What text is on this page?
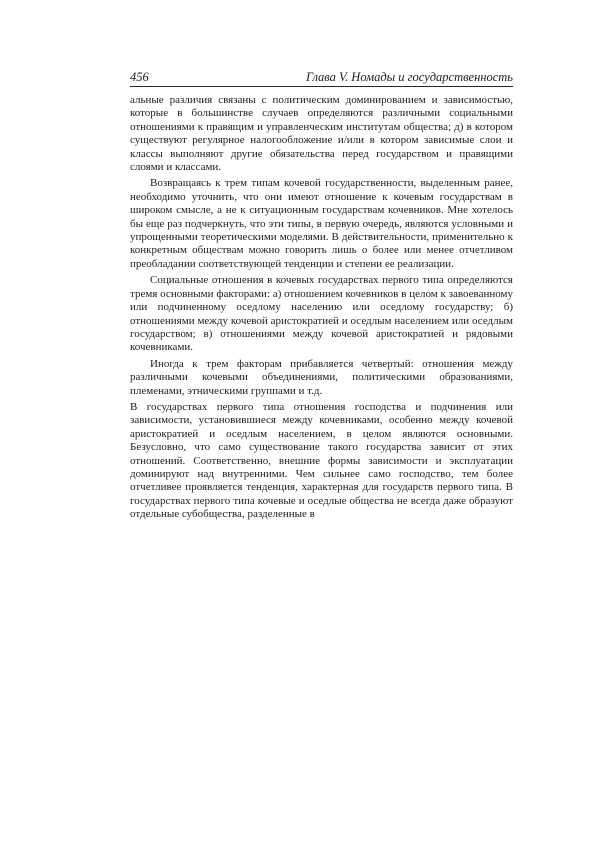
456	Глава V. Номады и государственность

альные различия связаны с политическим доминированием и зависимостью, которые в большинстве случаев определяются различными социальными отношениями к правящим и управленческим институтам общества; д) в котором существуют регулярное налогообложение и/или в котором зависимые слои и классы выполняют другие обязательства перед государством и правящими слоями и классами.

Возвращаясь к трем типам кочевой государственности, выделенным ранее, необходимо уточнить, что они имеют отношение к кочевым государствам в широком смысле, а не к ситуационным государствам кочевников. Мне хотелось бы еще раз подчеркнуть, что эти типы, в первую очередь, являются условными и упрощенными теоретическими моделями. В действительности, применительно к конкретным обществам можно говорить лишь о более или менее отчетливом преобладании соответствующей тенденции и степени ее реализации.

Социальные отношения в кочевых государствах первого типа определяются тремя основными факторами: а) отношением кочевников в целом к завоеванному или подчиненному оседлому населению или оседлому государству; б) отношениями между кочевой аристократией и оседлым населением или оседлым государством; в) отношениями между кочевой аристократией и рядовыми кочевниками.

Иногда к трем факторам прибавляется четвертый: отношения между различными кочевыми объединениями, политическими образованиями, племенами, этническими группами и т.д.

В государствах первого типа отношения господства и подчинения или зависимости, установившиеся между кочевниками, особенно между кочевой аристократией и оседлым населением, в целом являются основными. Безусловно, что само существование такого государства зависит от этих отношений. Соответственно, внешние формы зависимости и эксплуатации доминируют над внутренними. Чем сильнее само господство, тем более отчетливее проявляется тенденция, характерная для государств первого типа. В государствах первого типа кочевые и оседлые общества не всегда даже образуют отдельные субобщества, разделенные в
